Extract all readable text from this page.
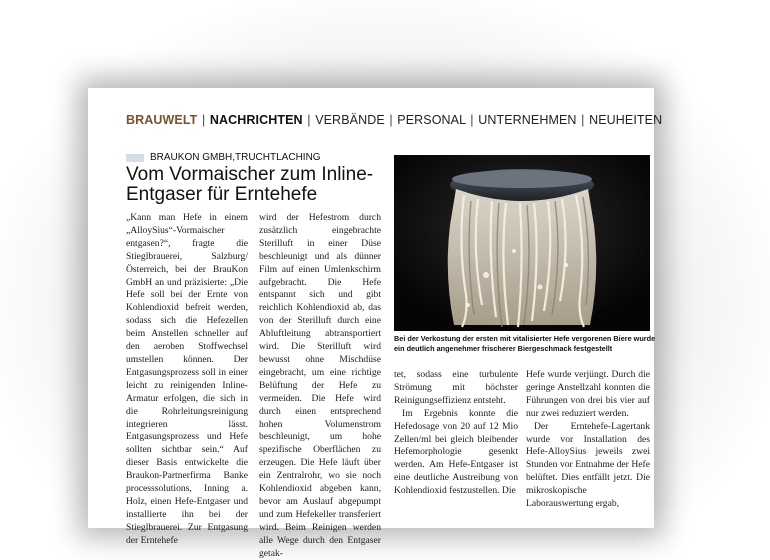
BRAUWELT | NACHRICHTEN | VERBÄNDE | PERSONAL | UNTERNEHMEN | NEUHEITEN
BRAUKON GMBH,TRUCHTLACHING
Vom Vormaischer zum Inline-
Entgaser für Erntehefe

„Kann man Hefe in einem „AlloySius“-Vormaischer entgasen?“, fragte die Stieglbrauerei, Salzburg/Österreich, bei der BrauKon GmbH an und präzisierte: „Die Hefe soll bei der Ernte von Kohlendioxid befreit werden, sodass sich die Hefezellen beim Anstellen schneller auf den aeroben Stoffwechsel umstellen können. Der Entgasungsprozess soll in einer leicht zu reinigenden Inline-Armatur erfolgen, die sich in die Rohrleitungsreinigung integrieren lässt. Entgasungsprozess und Hefe sollten sichtbar sein.“ Auf dieser Basis entwickelte die Braukon-Partnerfirma Banke processsolutions, Inning a. Holz, einen Hefe-Entgaser und installierte ihn bei der Stieglbrauerei. Zur Entgasung der Erntehefe

wird der Hefestrom durch zusätzlich eingebrachte Sterilluft in einer Düse beschleunigt und als dünner Film auf einen Umlenkschirm aufgebracht. Die Hefe entspannt sich und gibt reichlich Kohlendioxid ab, das von der Sterilluft durch eine Abluftleitung abtransportiert wird. Die Sterilluft wird bewusst ohne Mischdüse eingebracht, um eine richtige Belüftung der Hefe zu vermeiden. Die Hefe wird durch einen entsprechend hohen Volumenstrom beschleunigt, um hohe spezifische Oberflächen zu erzeugen. Die Hefe läuft über ein Zentralrohr, wo sie noch Kohlendioxid abgeben kann, bevor am Auslauf abgepumpt und zum Hefekeller transferiert wird. Beim Reinigen werden alle Wege durch den Entgaser getak-

Bei der Verkostung der ersten mit vitalisierter Hefe vergorenen Biere wurde ein deutlich angenehmer frischerer Biergeschmack festgestellt

tet, sodass eine turbulente Strömung mit höchster Reinigungseffizienz entsteht.

Im Ergebnis konnte die Hefedosage von 20 auf 12 Mio Zellen/ml bei gleich bleibender Hefemorphologie gesenkt werden. Am Hefe-Entgaser ist eine deutliche Austreibung von Kohlendioxid festzustellen. Die

Hefe wurde verjüngt. Durch die geringe Anstellzahl konnten die Führungen von drei bis vier auf nur zwei reduziert werden.

Der Erntehefe-Lagertank wurde vor Installation des Hefe-AlloySius jeweils zwei Stunden vor Entnahme der Hefe belüftet. Dies entfällt jetzt. Die mikroskopische Laborauswertung ergab,
